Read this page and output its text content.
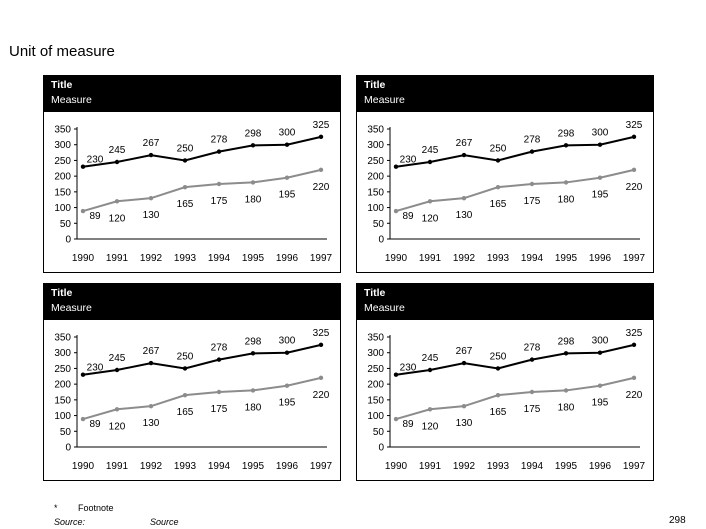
Unit of measure
Title
Measure
0
50
100
150
200
250
300
350
1990 1991 1992 1993 1994 1995 1996 1997
230
245
267 250
278
298 300
325
89 120 130
165 175 180 195
220
Title
Measure
0
50
100
150
200
250
300
350
1990 1991 1992 1993 1994 1995 1996 1997
230
245
267 250
278
298 300
325
89 120 130
165 175 180 195
220
Title
Measure
0
50
100
150
200
250
300
350
1990 1991 1992 1993 1994 1995 1996 1997
230
245
267 250
278
298 300
325
89 120 130
165 175 180 195
220
Title
Measure
0
50
100
150
200
250
300
350
1990 1991 1992 1993 1994 1995 1996 1997
230
245
267 250
278
298 300
325
89 120 130
165 175 180 195
220
* Footnote
Source:	Source	298
